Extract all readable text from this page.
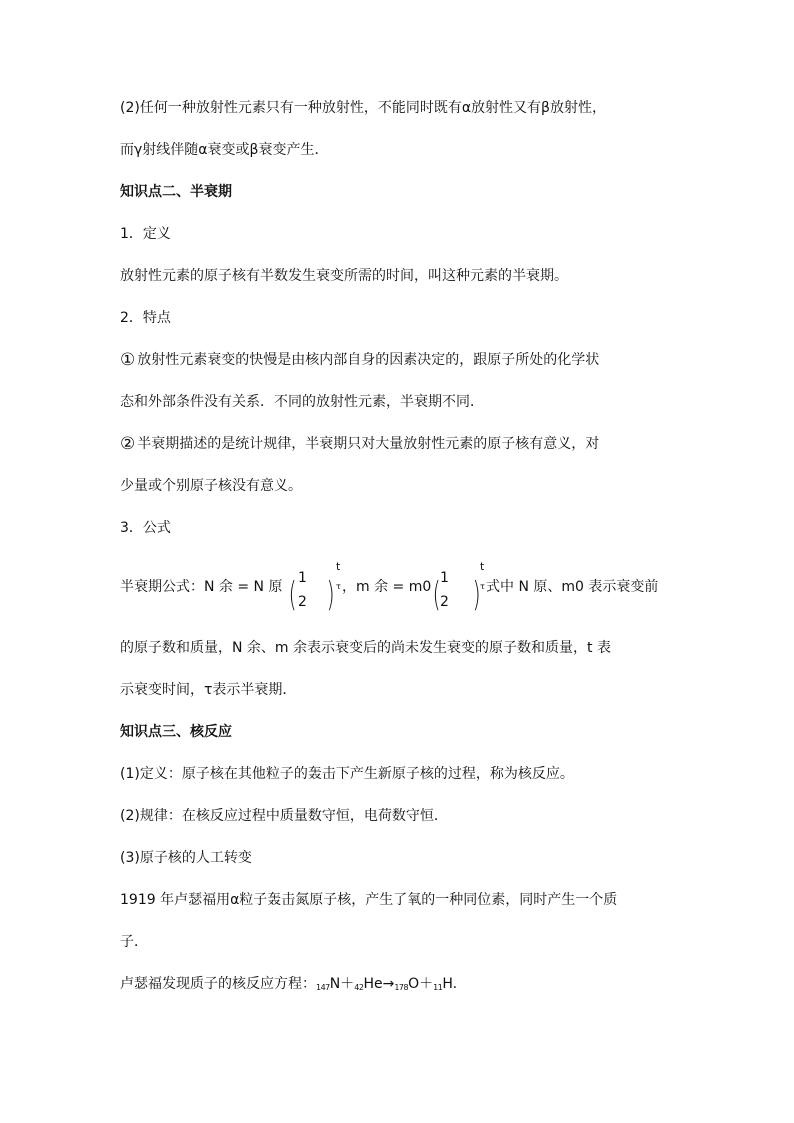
(2)任何一种放射性元素只有一种放射性，不能同时既有α放射性又有β放射性，
而γ射线伴随α衰变或β衰变产生．
知识点二、半衰期
1．定义
放射性元素的原子核有半数发生衰变所需的时间，叫这种元素的半衰期。
2．特点
① 放射性元素衰变的快慢是由核内部自身的因素决定的，跟原子所处的化学状
态和外部条件没有关系．不同的放射性元素，半衰期不同．
② 半衰期描述的是统计规律，半衰期只对大量放射性元素的原子核有意义，对
少量或个别原子核没有意义。
3．公式
半衰期公式：N 余 = N 原 ( 1
2 )
t
τ ，m 余 = m0 ( 1
2 )
t
τ 式中 N 原、m0 表示衰变前
的原子数和质量，N 余、m 余表示衰变后的尚未发生衰变的原子数和质量，t 表
示衰变时间，τ表示半衰期．
知识点三、核反应
(1)定义：原子核在其他粒子的轰击下产生新原子核的过程，称为核反应。
(2)规律：在核反应过程中质量数守恒，电荷数守恒．
(3)原子核的人工转变
1919 年卢瑟福用α粒子轰击氮原子核，产生了氧的一种同位素，同时产生一个质
子．
卢瑟福发现质子的核反应方程：$_{147}N+_{42}He\to_{178}O+_{11}H$.
